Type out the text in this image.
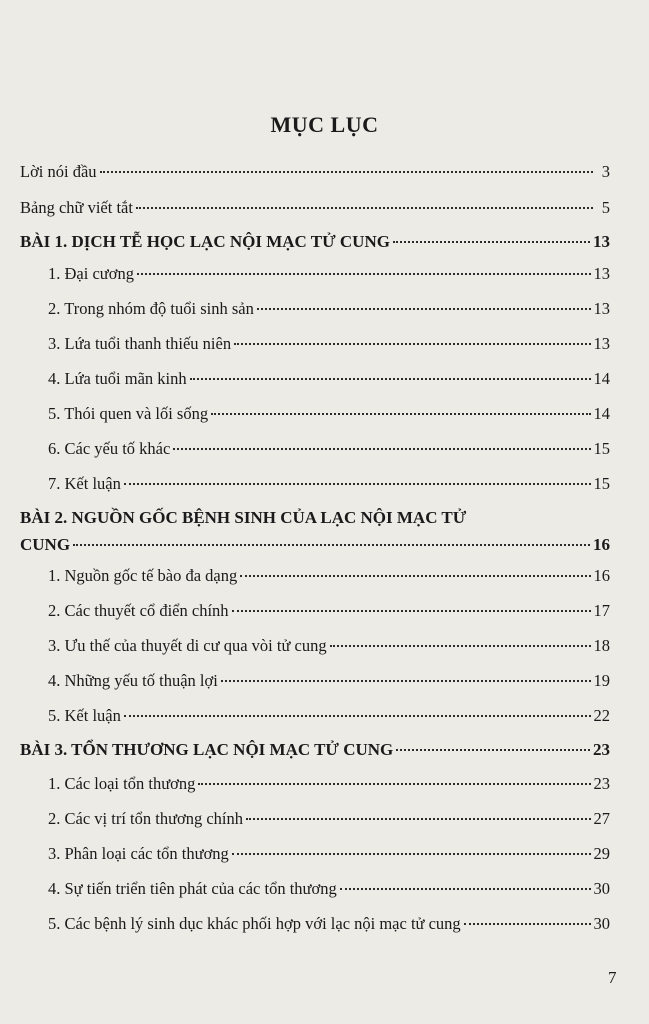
MỤC LỤC
Lời nói đầu	3
Bảng chữ viết tắt	5
BÀI 1. DỊCH TỄ HỌC LẠC NỘI MẠC TỬ CUNG	13
1. Đại cương	13
2. Trong nhóm độ tuổi sinh sản	13
3. Lứa tuổi thanh thiếu niên	13
4. Lứa tuổi mãn kinh	14
5. Thói quen và lối sống	14
6. Các yếu tố khác	15
7. Kết luận	15
BÀI 2. NGUỒN GỐC BỆNH SINH CỦA LẠC NỘI MẠC TỬ
CUNG	16
1. Nguồn gốc tế bào đa dạng	16
2. Các thuyết cổ điển chính	17
3. Ưu thế của thuyết di cư qua vòi tử cung	18
4. Những yếu tố thuận lợi	19
5. Kết luận	22
BÀI 3. TỔN THƯƠNG LẠC NỘI MẠC TỬ CUNG	23
1. Các loại tổn thương	23
2. Các vị trí tổn thương chính	27
3. Phân loại các tổn thương	29
4. Sự tiến triển tiên phát của các tổn thương	30
5. Các bệnh lý sinh dục khác phối hợp với lạc nội mạc tử cung	30
7
